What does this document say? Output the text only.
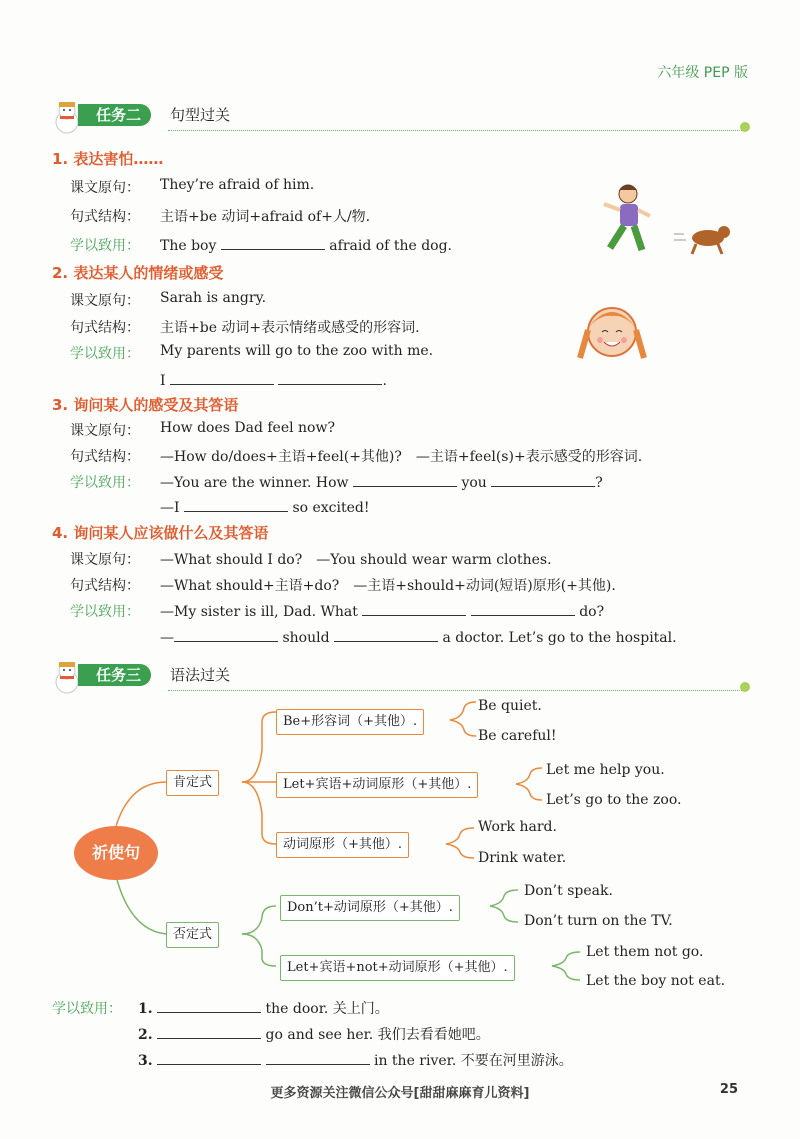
六年级 PEP 版
任务二	句型过关
1. 表达害怕……
课文原句： They’re afraid of him.
句式结构： 主语+be 动词+afraid of+人/物.
学以致用： The boy	afraid of the dog.
2. 表达某人的情绪或感受
课文原句： Sarah is angry.
句式结构： 主语+be 动词+表示情绪或感受的形容词.
学以致用： My parents will go to the zoo with me.
I	.
3. 询问某人的感受及其答语
课文原句： How does Dad feel now?
句式结构： —How do/does+主语+feel(+其他)?　—主语+feel(s)+表示感受的形容词.
学以致用： —You are the winner. How	you	?
—I	so excited!
4. 询问某人应该做什么及其答语
课文原句： —What should I do?　—You should wear warm clothes.
句式结构： —What should+主语+do?　—主语+should+动词(短语)原形(+其他).
学以致用： —My sister is ill, Dad. What	do?
—	should	a doctor. Let’s go to the hospital.
任务三	语法过关
祈使句
肯定式
否定式
Be+形容词（+其他）.
Be quiet.
Be careful!
Let+宾语+动词原形（+其他）.
Let me help you.
Let’s go to the zoo.
动词原形（+其他）.
Work hard.
Drink water.
Don’t+动词原形（+其他）.
Don’t speak.
Don’t turn on the TV.
Let+宾语+not+动词原形（+其他）.
Let them not go.
Let the boy not eat.
学以致用： 1.	the door. 关上门。
2.	go and see her. 我们去看看她吧。
3.	in the river. 不要在河里游泳。
更多资源关注微信公众号[甜甜麻麻育儿资料]	25
